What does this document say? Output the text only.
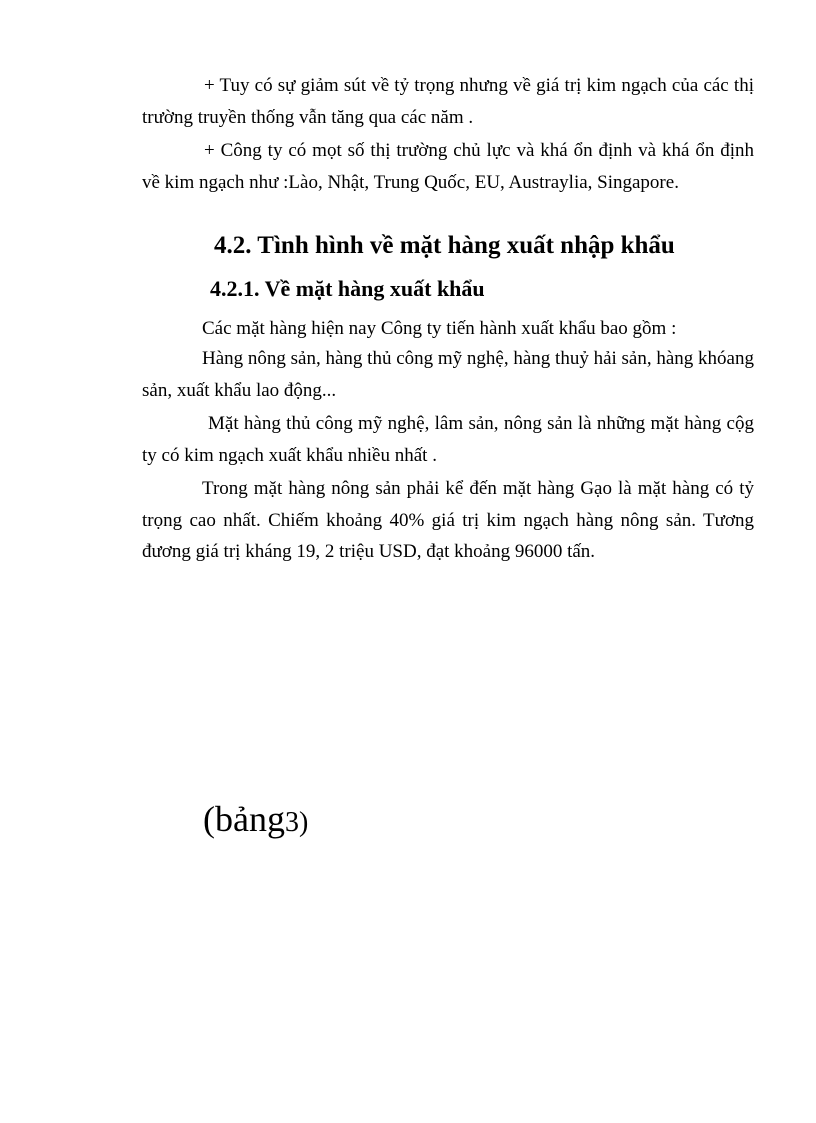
+ Tuy có sự giảm sút về tỷ trọng nhưng về giá trị kim ngạch của các thị trường truyền thống vẫn tăng qua các năm .

+ Công ty có mọt số thị trường chủ lực và khá ổn định và khá ổn định về kim ngạch như :Lào, Nhật, Trung Quốc, EU, Austraylia, Singapore.

4.2. Tình hình về mặt hàng xuất nhập khẩu
4.2.1. Về mặt hàng xuất khẩu

Các mặt hàng hiện nay Công ty tiến hành xuất khẩu bao gồm :

Hàng nông sản, hàng thủ công mỹ nghệ, hàng thuỷ hải sản, hàng khóang sản, xuất khẩu lao động...

Mặt hàng thủ công mỹ nghệ, lâm sản, nông sản là những mặt hàng cộg ty có kim ngạch xuất khẩu nhiều nhất .

Trong mặt hàng nông sản phải kể đến mặt hàng Gạo là mặt hàng có tỷ trọng cao nhất. Chiếm khoảng 40% giá trị kim ngạch hàng nông sản. Tương đương giá trị kháng 19, 2 triệu USD, đạt khoảng 96000 tấn.

(bảng3)
